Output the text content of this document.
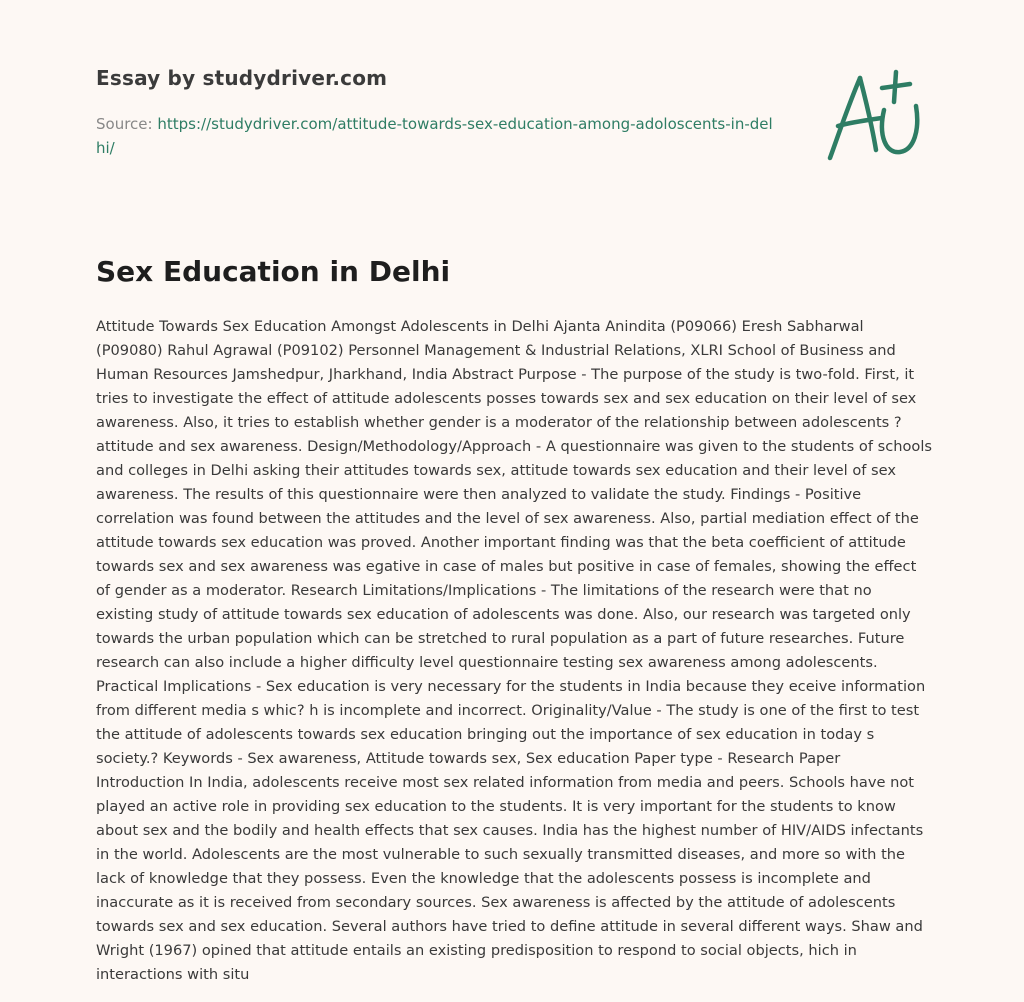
Essay by studydriver.com
Source: https://studydriver.com/attitude-towards-sex-education-among-adoloscents-in-delhi/
Sex Education in Delhi

Attitude Towards Sex Education Amongst Adolescents in Delhi Ajanta Anindita (P09066) Eresh Sabharwal (P09080) Rahul Agrawal (P09102) Personnel Management & Industrial Relations, XLRI School of Business and Human Resources Jamshedpur, Jharkhand, India Abstract Purpose - The purpose of the study is two-fold. First, it tries to investigate the effect of attitude adolescents posses towards sex and sex education on their level of sex awareness. Also, it tries to establish whether gender is a moderator of the relationship between adolescents ? attitude and sex awareness. Design/Methodology/Approach - A questionnaire was given to the students of schools and colleges in Delhi asking their attitudes towards sex, attitude towards sex education and their level of sex awareness. The results of this questionnaire were then analyzed to validate the study. Findings - Positive correlation was found between the attitudes and the level of sex awareness. Also, partial mediation effect of the attitude towards sex education was proved. Another important finding was that the beta coefficient of attitude towards sex and sex awareness was egative in case of males but positive in case of females, showing the effect of gender as a moderator. Research Limitations/Implications - The limitations of the research were that no existing study of attitude towards sex education of adolescents was done. Also, our research was targeted only towards the urban population which can be stretched to rural population as a part of future researches. Future research can also include a higher difficulty level questionnaire testing sex awareness among adolescents. Practical Implications - Sex education is very necessary for the students in India because they eceive information from different media s whic? h is incomplete and incorrect. Originality/Value - The study is one of the first to test the attitude of adolescents towards sex education bringing out the importance of sex education in today s society.? Keywords - Sex awareness, Attitude towards sex, Sex education Paper type - Research Paper Introduction In India, adolescents receive most sex related information from media and peers. Schools have not played an active role in providing sex education to the students. It is very important for the students to know about sex and the bodily and health effects that sex causes. India has the highest number of HIV/AIDS infectants in the world. Adolescents are the most vulnerable to such sexually transmitted diseases, and more so with the lack of knowledge that they possess. Even the knowledge that the adolescents possess is incomplete and inaccurate as it is received from secondary sources. Sex awareness is affected by the attitude of adolescents towards sex and sex education. Several authors have tried to define attitude in several different ways. Shaw and Wright (1967) opined that attitude entails an existing predisposition to respond to social objects, hich in interactions with situ
